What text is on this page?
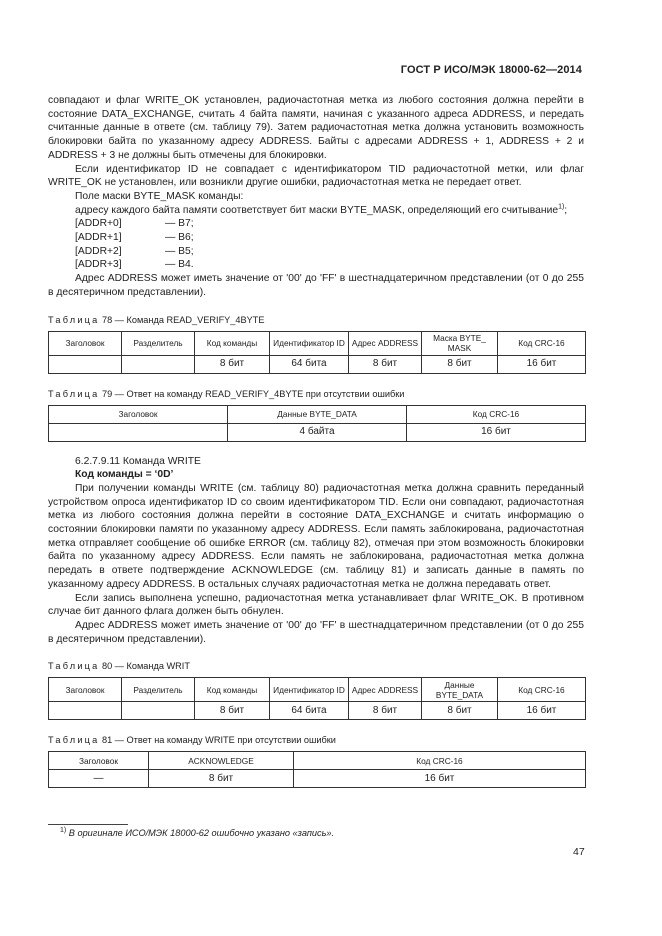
ГОСТ Р ИСО/МЭК 18000-62—2014

совпадают и флаг WRITE_OK установлен, радиочастотная метка из любого состояния должна перейти в состояние DATA_EXCHANGE, считать 4 байта памяти, начиная с указанного адреса ADDRESS, и передать считанные данные в ответе (см. таблицу 79). Затем радиочастотная метка должна установить возможность блокировки байта по указанному адресу ADDRESS. Байты с адресами ADDRESS + 1, ADDRESS + 2 и ADDRESS + 3 не должны быть отмечены для блокировки.

Если идентификатор ID не совпадает с идентификатором TID радиочастотной метки, или флаг WRITE_OK не установлен, или возникли другие ошибки, радиочастотная метка не передает ответ.

Поле маски BYTE_MASK команды:

адресу каждого байта памяти соответствует бит маски BYTE_MASK, определяющий его считывание$^{1)}$;

[ADDR+0]	— B7;
[ADDR+1]	— B6;
[ADDR+2]	— B5;
[ADDR+3]	— B4.

Адрес ADDRESS может иметь значение от '00' до 'FF' в шестнадцатеричном представлении (от 0 до 255 в десятеричном представлении).

Таблица 78 — Команда READ_VERIFY_4BYTE
Заголовок	Разделитель	Код команды	Идентификатор ID	Адрес ADDRESS	Маска BYTE_ MASK	Код CRC-16
		8 бит	64 бита	8 бит	8 бит	16 бит
Таблица 79 — Ответ на команду READ_VERIFY_4BYTE при отсутствии ошибки
Заголовок	Данные BYTE_DATA	Код CRC-16
	4 байта	16 бит

6.2.7.9.11 Команда WRITE

Код команды = ‘0D’

При получении команды WRITE (см. таблицу 80) радиочастотная метка должна сравнить переданный устройством опроса идентификатор ID со своим идентификатором TID. Если они совпадают, радиочастотная метка из любого состояния должна перейти в состояние DATA_EXCHANGE и считать информацию о состоянии блокировки памяти по указанному адресу ADDRESS. Если память заблокирована, радиочастотная метка отправляет сообщение об ошибке ERROR (см. таблицу 82), отмечая при этом возможность блокировки байта по указанному адресу ADDRESS. Если память не заблокирована, радиочастотная метка должна передать в ответе подтверждение ACKNOWLEDGE (см. таблицу 81) и записать данные в память по указанному адресу ADDRESS. В остальных случаях радиочастотная метка не должна передавать ответ.

Если запись выполнена успешно, радиочастотная метка устанавливает флаг WRITE_OK. В противном случае бит данного флага должен быть обнулен.

Адрес ADDRESS может иметь значение от '00' до 'FF' в шестнадцатеричном представлении (от 0 до 255 в десятеричном представлении).

Таблица 80 — Команда WRIT
Заголовок	Разделитель	Код команды	Идентификатор ID	Адрес ADDRESS	Данные BYTE_DATA	Код CRC-16
		8 бит	64 бита	8 бит	8 бит	16 бит
Таблица 81 — Ответ на команду WRITE при отсутствии ошибки
Заголовок	ACKNOWLEDGE	Код CRC-16
—	8 бит	16 бит
$^{1)}$ В оригинале ИСО/МЭК 18000-62 ошибочно указано «запись».
47
